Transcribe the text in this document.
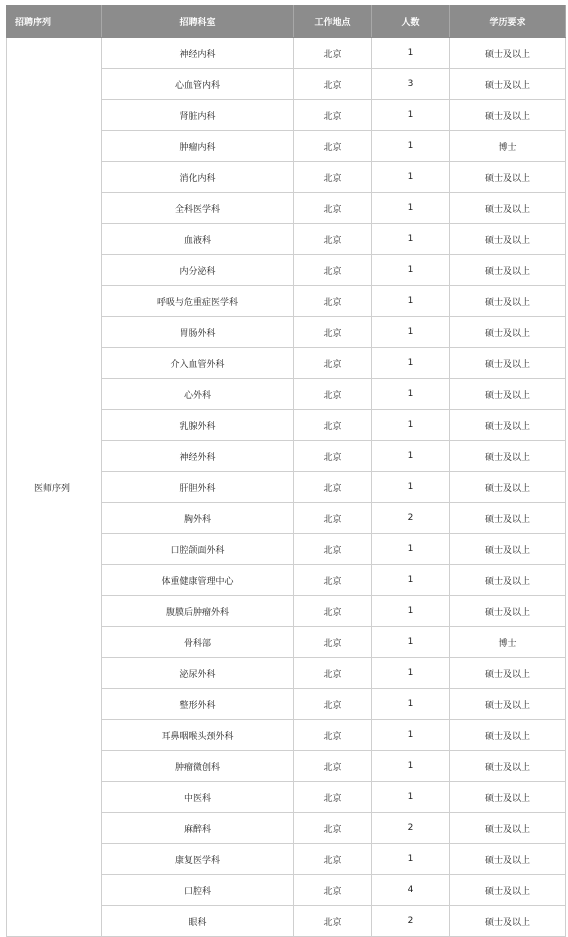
招聘序列	招聘科室	工作地点	人数	学历要求
医师序列	神经内科	北京	1	硕士及以上
	心血管内科	北京	3	硕士及以上
	肾脏内科	北京	1	硕士及以上
	肿瘤内科	北京	1	博士
	消化内科	北京	1	硕士及以上
	全科医学科	北京	1	硕士及以上
	血液科	北京	1	硕士及以上
	内分泌科	北京	1	硕士及以上
	呼吸与危重症医学科	北京	1	硕士及以上
	胃肠外科	北京	1	硕士及以上
	介入血管外科	北京	1	硕士及以上
	心外科	北京	1	硕士及以上
	乳腺外科	北京	1	硕士及以上
	神经外科	北京	1	硕士及以上
	肝胆外科	北京	1	硕士及以上
	胸外科	北京	2	硕士及以上
	口腔颌面外科	北京	1	硕士及以上
	体重健康管理中心	北京	1	硕士及以上
	腹膜后肿瘤外科	北京	1	硕士及以上
	骨科部	北京	1	博士
	泌尿外科	北京	1	硕士及以上
	整形外科	北京	1	硕士及以上
	耳鼻咽喉头颈外科	北京	1	硕士及以上
	肿瘤微创科	北京	1	硕士及以上
	中医科	北京	1	硕士及以上
	麻醉科	北京	2	硕士及以上
	康复医学科	北京	1	硕士及以上
	口腔科	北京	4	硕士及以上
	眼科	北京	2	硕士及以上
